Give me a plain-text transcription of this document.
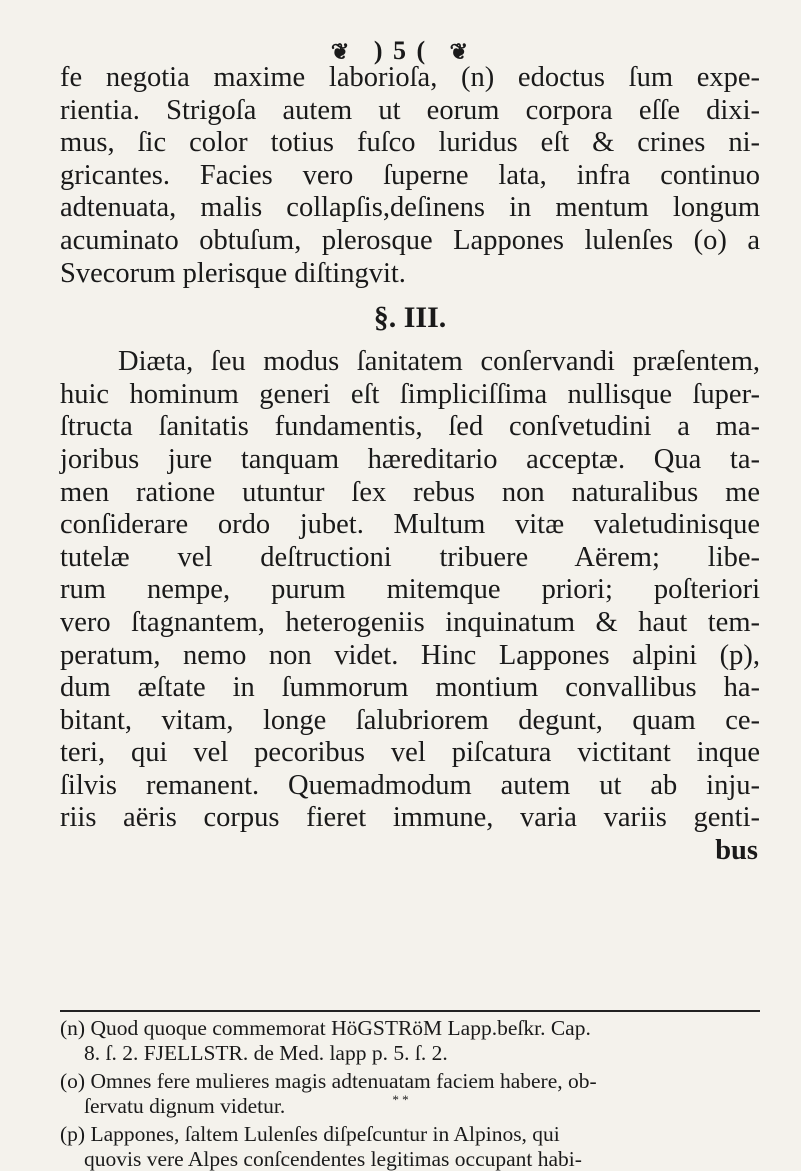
❦ ) 5 ( ❦
fe negotia maxime laborioſa, (n) edoctus ſum expe-
rientia. Strigoſa autem ut eorum corpora eſſe dixi-
mus, ſic color totius fuſco luridus eſt & crines ni-
gricantes. Facies vero ſuperne lata, infra continuo
adtenuata, malis collapſis,deſinens in mentum longum
acuminato obtuſum, plerosque Lappones lulenſes (o) a
Svecorum plerisque diſtingvit.
§. III.
Diæta, ſeu modus ſanitatem conſervandi præſentem,
huic hominum generi eſt ſimpliciſſima nullisque ſuper-
ſtructa ſanitatis fundamentis, ſed conſvetudini a ma-
joribus jure tanquam hæreditario acceptæ. Qua ta-
men ratione utuntur ſex rebus non naturalibus me
conſiderare ordo jubet. Multum vitæ valetudinisque
tutelæ vel deſtructioni tribuere Aërem; libe-
rum nempe, purum mitemque priori; poſteriori
vero ſtagnantem, heterogeniis inquinatum & haut tem-
peratum, nemo non videt. Hinc Lappones alpini (p),
dum æſtate in ſummorum montium convallibus ha-
bitant, vitam, longe ſalubriorem degunt, quam ce-
teri, qui vel pecoribus vel piſcatura victitant inque
ſilvis remanent. Quemadmodum autem ut ab inju-
riis aëris corpus fieret immune, varia variis genti-
bus
(n) Quod quoque commemorat HöGSTRöM Lapp.beſkr. Cap.
8. ſ. 2. FJELLSTR. de Med. lapp p. 5. ſ. 2.
(o) Omnes fere mulieres magis adtenuatam faciem habere, ob-
ſervatu dignum videtur.
(p) Lappones, ſaltem Lulenſes diſpeſcuntur in Alpinos, qui
quovis vere Alpes conſcendentes legitimas occupant habi-
* *
